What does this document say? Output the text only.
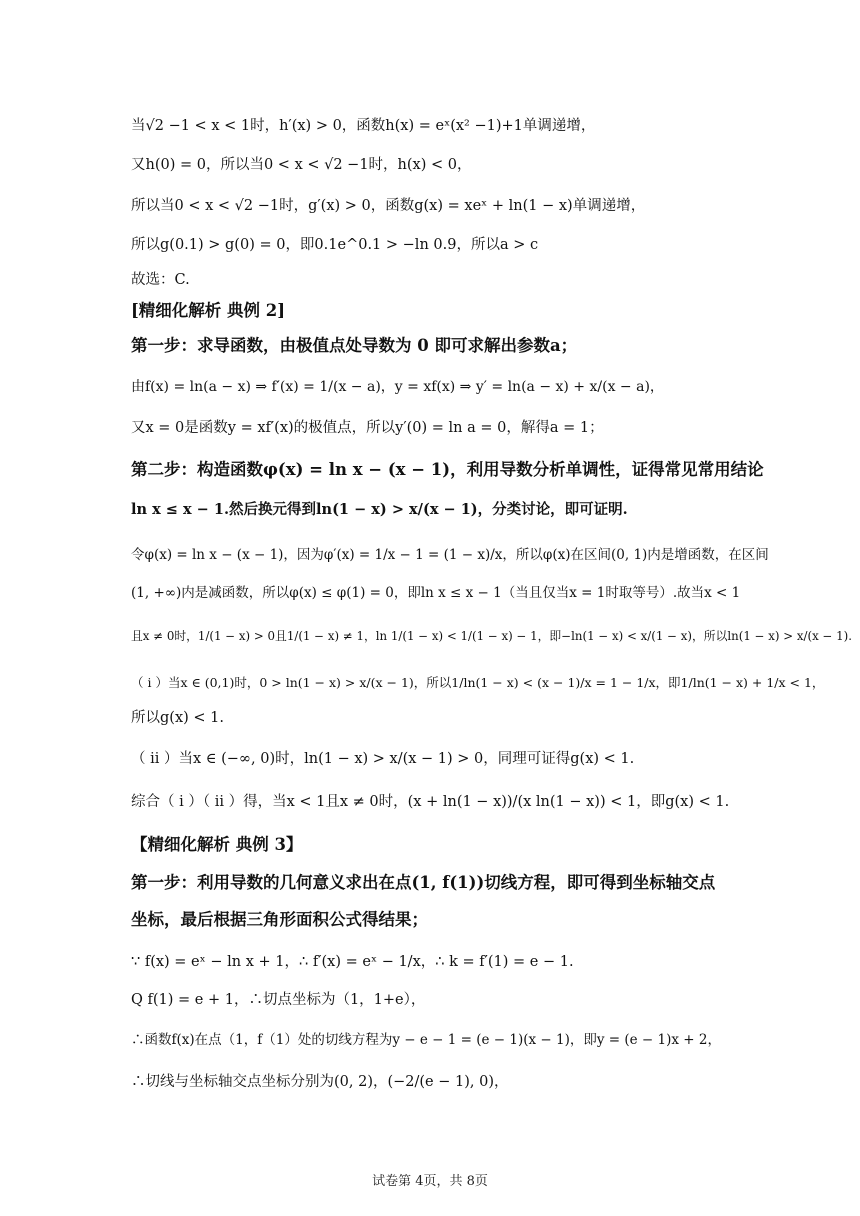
当√2 −1 < x < 1时，h′(x) > 0，函数h(x) = eˣ(x² −1)+1单调递增，
又h(0) = 0，所以当0 < x < √2 −1时，h(x) < 0，
所以当0 < x < √2 −1时，g′(x) > 0，函数g(x) = xeˣ + ln(1 − x)单调递增，
所以g(0.1) > g(0) = 0，即0.1e^0.1 > −ln 0.9，所以a > c
故选：C.
[精细化解析 典例 2]
第一步：求导函数，由极值点处导数为 0 即可求解出参数a；
由f(x) = ln(a − x) ⇒ f′(x) = 1/(x − a)，y = xf(x) ⇒ y′ = ln(a − x) + x/(x − a)，
又x = 0是函数y = xf′(x)的极值点，所以y′(0) = ln a = 0，解得a = 1；
第二步：构造函数φ(x) = ln x − (x − 1)，利用导数分析单调性，证得常见常用结论
ln x ≤ x − 1.然后换元得到ln(1 − x) > x/(x − 1)，分类讨论，即可证明.
令φ(x) = ln x − (x − 1)，因为φ′(x) = 1/x − 1 = (1 − x)/x，所以φ(x)在区间(0, 1)内是增函数，在区间
(1, +∞)内是减函数，所以φ(x) ≤ φ(1) = 0，即ln x ≤ x − 1（当且仅当x = 1时取等号）.故当x < 1
且x ≠ 0时，1/(1 − x) > 0且1/(1 − x) ≠ 1，ln 1/(1 − x) < 1/(1 − x) − 1，即−ln(1 − x) < x/(1 − x)，所以ln(1 − x) > x/(x − 1).
（ i ）当x ∈ (0,1)时，0 > ln(1 − x) > x/(x − 1)，所以1/ln(1 − x) < (x − 1)/x = 1 − 1/x，即1/ln(1 − x) + 1/x < 1，
所以g(x) < 1.
（ ii ）当x ∈ (−∞, 0)时，ln(1 − x) > x/(x − 1) > 0，同理可证得g(x) < 1.
综合（ i ）（ ii ）得，当x < 1且x ≠ 0时，(x + ln(1 − x))/(x ln(1 − x)) < 1，即g(x) < 1.
【精细化解析 典例 3】
第一步：利用导数的几何意义求出在点(1, f(1))切线方程，即可得到坐标轴交点
坐标，最后根据三角形面积公式得结果；
∵ f(x) = eˣ − ln x + 1，∴ f′(x) = eˣ − 1/x，∴ k = f′(1) = e − 1.
Q f(1) = e + 1，∴切点坐标为（1，1+e），
∴函数f(x)在点（1，f（1）处的切线方程为y − e − 1 = (e − 1)(x − 1)，即y = (e − 1)x + 2，
∴切线与坐标轴交点坐标分别为(0, 2)，(−2/(e − 1), 0)，
试卷第 4页，共 8页
